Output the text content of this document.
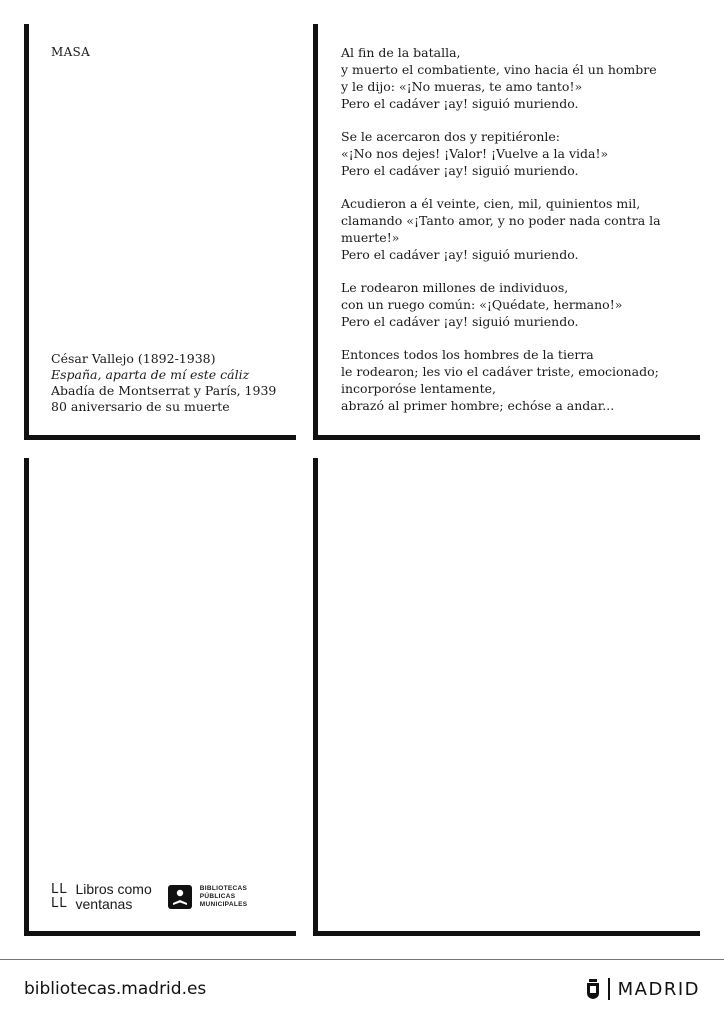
MASA
César Vallejo (1892-1938)
España, aparta de mí este cáliz
Abadía de Montserrat y París, 1939
80 aniversario de su muerte
Al fin de la batalla,
y muerto el combatiente, vino hacia él un hombre
y le dijo: «¡No mueras, te amo tanto!»
Pero el cadáver ¡ay! siguió muriendo.
Se le acercaron dos y repitiéronle:
«¡No nos dejes! ¡Valor! ¡Vuelve a la vida!»
Pero el cadáver ¡ay! siguió muriendo.
Acudieron a él veinte, cien, mil, quinientos mil,
clamando «¡Tanto amor, y no poder nada contra la
muerte!»
Pero el cadáver ¡ay! siguió muriendo.
Le rodearon millones de individuos,
con un ruego común: «¡Quédate, hermano!»
Pero el cadáver ¡ay! siguió muriendo.
Entonces todos los hombres de la tierra
le rodearon; les vio el cadáver triste, emocionado;
incorporóse lentamente,
abrazó al primer hombre; echóse a andar...
LL
LL
Libros como
ventanas
BIBLIOTECAS
PÚBLICAS
MUNICIPALES
bibliotecas.madrid.es	MADRID
